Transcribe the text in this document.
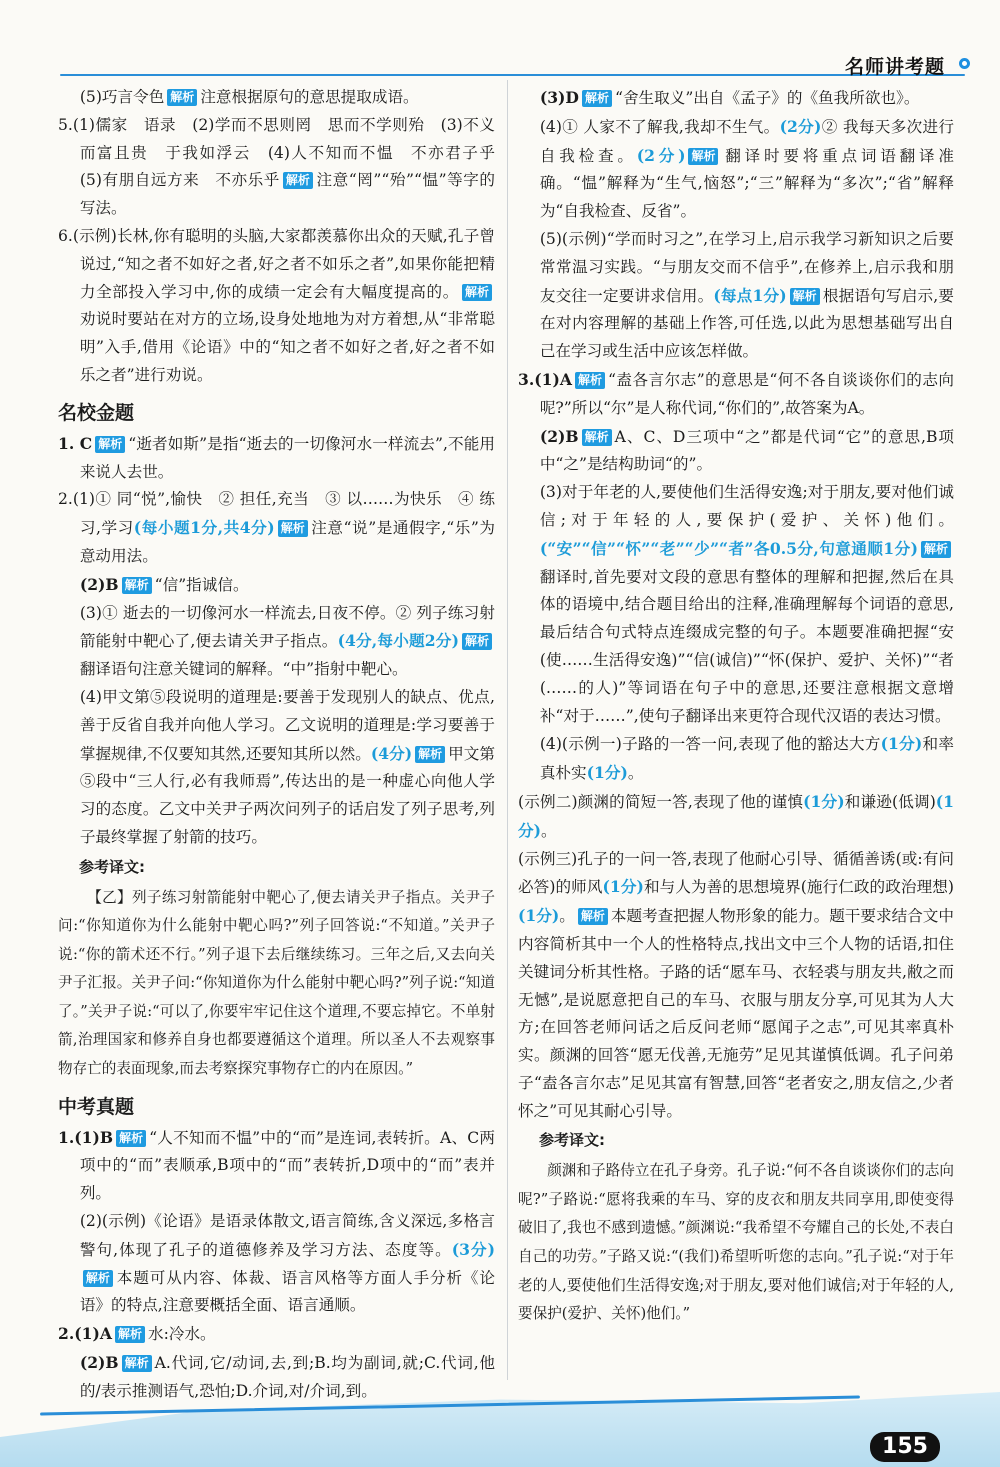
名师讲考题

(5)巧言令色 解析 注意根据原句的意思提取成语。

5.(1)儒家　语录　(2)学而不思则罔　思而不学则殆　(3)不义而富且贵　于我如浮云　(4)人不知而不愠　不亦君子乎　(5)有朋自远方来　不亦乐乎 解析 注意“罔”“殆”“愠”等字的写法。

6.(示例)长林,你有聪明的头脑,大家都羡慕你出众的天赋,孔子曾说过,“知之者不如好之者,好之者不如乐之者”,如果你能把精力全部投入学习中,你的成绩一定会有大幅度提高的。 解析劝说时要站在对方的立场,设身处地地为对方着想,从“非常聪明”入手,借用《论语》中的“知之者不如好之者,好之者不如乐之者”进行劝说。

名校金题

1. C 解析 “逝者如斯”是指“逝去的一切像河水一样流去”,不能用来说人去世。

2.(1)① 同“悦”,愉快　② 担任,充当　③ 以……为快乐　④ 练习,学习(每小题1分,共4分) 解析 注意“说”是通假字,“乐”为意动用法。

(2)B 解析 “信”指诚信。

(3)① 逝去的一切像河水一样流去,日夜不停。② 列子练习射箭能射中靶心了,便去请关尹子指点。(4分,每小题2分) 解析翻译语句注意关键词的解释。“中”指射中靶心。

(4)甲文第⑤段说明的道理是:要善于发现别人的缺点、优点,善于反省自我并向他人学习。乙文说明的道理是:学习要善于掌握规律,不仅要知其然,还要知其所以然。(4分) 解析 甲文第⑤段中“三人行,必有我师焉”,传达出的是一种虚心向他人学习的态度。乙文中关尹子两次问列子的话启发了列子思考,列子最终掌握了射箭的技巧。

参考译文:

【乙】列子练习射箭能射中靶心了,便去请关尹子指点。关尹子问:“你知道你为什么能射中靶心吗?”列子回答说:“不知道。”关尹子说:“你的箭术还不行。”列子退下去后继续练习。三年之后,又去向关尹子汇报。关尹子问:“你知道你为什么能射中靶心吗?”列子说:“知道了。”关尹子说:“可以了,你要牢牢记住这个道理,不要忘掉它。不单射箭,治理国家和修养自身也都要遵循这个道理。所以圣人不去观察事物存亡的表面现象,而去考察探究事物存亡的内在原因。”

中考真题

1.(1)B 解析 “人不知而不愠”中的“而”是连词,表转折。A、C两项中的“而”表顺承,B项中的“而”表转折,D项中的“而”表并列。

(2)(示例)《论语》是语录体散文,语言简练,含义深远,多格言警句,体现了孔子的道德修养及学习方法、态度等。(3分)解析 本题可从内容、体裁、语言风格等方面人手分析《论语》的特点,注意要概括全面、语言通顺。

2.(1)A 解析 水:冷水。

(2)B 解析 A.代词,它/动词,去,到;B.均为副词,就;C.代词,他的/表示推测语气,恐怕;D.介词,对/介词,到。

(3)D 解析 “舍生取义”出自《孟子》的《鱼我所欲也》。

(4)① 人家不了解我,我却不生气。(2分)② 我每天多次进行自我检查。(2分) 解析 翻译时要将重点词语翻译准确。“愠”解释为“生气,恼怒”;“三”解释为“多次”;“省”解释为“自我检查、反省”。

(5)(示例)“学而时习之”,在学习上,启示我学习新知识之后要常常温习实践。“与朋友交而不信乎”,在修养上,启示我和朋友交往一定要讲求信用。(每点1分) 解析 根据语句写启示,要在对内容理解的基础上作答,可任选,以此为思想基础写出自己在学习或生活中应该怎样做。

3.(1)A 解析 “盍各言尔志”的意思是“何不各自谈谈你们的志向呢?”所以“尔”是人称代词,“你们的”,故答案为A。

(2)B 解析 A、C、D三项中“之”都是代词“它”的意思,B项中“之”是结构助词“的”。

(3)对于年老的人,要使他们生活得安逸;对于朋友,要对他们诚信;对于年轻的人,要保护(爱护、关怀)他们。(“安”“信”“怀”“老”“少”“者”各0.5分,句意通顺1分) 解析翻译时,首先要对文段的意思有整体的理解和把握,然后在具体的语境中,结合题目给出的注释,准确理解每个词语的意思,最后结合句式特点连缀成完整的句子。本题要准确把握“安(使……生活得安逸)”“信(诚信)”“怀(保护、爱护、关怀)”“者(……的人)”等词语在句子中的意思,还要注意根据文意增补“对于……”,使句子翻译出来更符合现代汉语的表达习惯。

(4)(示例一)子路的一答一问,表现了他的豁达大方(1分)和率真朴实(1分)。

(示例二)颜渊的简短一答,表现了他的谨慎(1分)和谦逊(低调)(1分)。

(示例三)孔子的一问一答,表现了他耐心引导、循循善诱(或:有问必答)的师风(1分)和与人为善的思想境界(施行仁政的政治理想)(1分)。 解析 本题考查把握人物形象的能力。题干要求结合文中内容简析其中一个人的性格特点,找出文中三个人物的话语,扣住关键词分析其性格。子路的话“愿车马、衣轻裘与朋友共,敝之而无憾”,是说愿意把自己的车马、衣服与朋友分享,可见其为人大方;在回答老师问话之后反问老师“愿闻子之志”,可见其率真朴实。颜渊的回答“愿无伐善,无施劳”足见其谨慎低调。孔子问弟子“盍各言尔志”足见其富有智慧,回答“老者安之,朋友信之,少者怀之”可见其耐心引导。

参考译文:

颜渊和子路侍立在孔子身旁。孔子说:“何不各自谈谈你们的志向呢?”子路说:“愿将我乘的车马、穿的皮衣和朋友共同享用,即使变得破旧了,我也不感到遗憾。”颜渊说:“我希望不夸耀自己的长处,不表白自己的功劳。”子路又说:“(我们)希望听听您的志向。”孔子说:“对于年老的人,要使他们生活得安逸;对于朋友,要对他们诚信;对于年轻的人,要保护(爱护、关怀)他们。”

155
